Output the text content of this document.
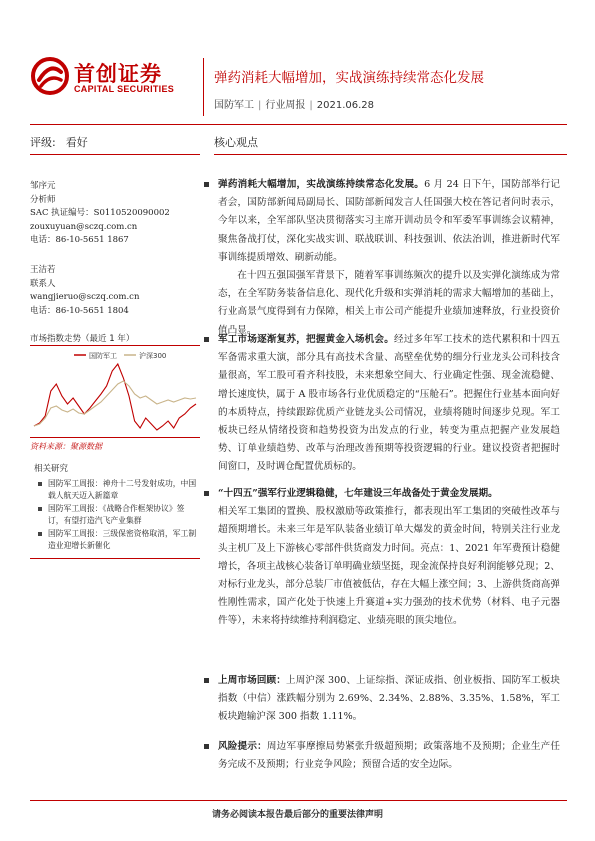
首创证券
CAPITAL SECURITIES
弹药消耗大幅增加，实战演练持续常态化发展
国防军工 | 行业周报 | 2021.06.28
评级: 看好	核心观点
邹序元
分析师
SAC 执证编号：S0110520090002
zouxuyuan@sczq.com.cn
电话：86-10-5651 1867
王洁若
联系人
wangjieruo@sczq.com.cn
电话：86-10-5651 1804
市场指数走势（最近 1 年）
国防军工	沪深300
资料来源：聚源数据
相关研究
国防军工周报：神舟十二号发射成功，中国载人航天迈入新篇章
国防军工周报：《战略合作框架协议》签订，有望打造汽飞产业集群
国防军工周报：三级保密资格取消，军工制造业迎增长新催化

弹药消耗大幅增加，实战演练持续常态化发展。6 月 24 日下午，国防部举行记者会，国防部新闻局副局长、国防部新闻发言人任国强大校在答记者问时表示，今年以来，全军部队坚决贯彻落实习主席开训动员令和军委军事训练会议精神，聚焦备战打仗，深化实战实训、联战联训、科技强训、依法治训，推进新时代军事训练提质增效、刷新动能。

在十四五强国强军背景下，随着军事训练频次的提升以及实弹化演练成为常态，在全军防务装备信息化、现代化升级和实弹消耗的需求大幅增加的基础上，行业高景气度得到有力保障，相关上市公司产能提升业绩加速释放，行业投资价值凸显。

军工市场逐渐复苏，把握黄金入场机会。经过多年军工技术的迭代累积和十四五军备需求重大演，部分具有高技术含量、高壁垒优势的细分行业龙头公司科技含量很高，军工股可看齐科技股，未来想象空间大、行业确定性强、现金流稳健、增长速度快，属于 A 股市场各行业优质稳定的“压舱石”。把握住行业基本面向好的本质特点，持续跟踪优质产业链龙头公司情况，业绩将随时间逐步兑现。军工板块已经从情绪投资和趋势投资为出发点的行业，转变为重点把握产业发展趋势、订单业绩趋势、改革与治理改善预期等投资逻辑的行业。建议投资者把握时间窗口，及时调仓配置优质标的。

“十四五”强军行业逻辑稳健，七年建设三年战备处于黄金发展期。

相关军工集团的置换、股权激励等政策推行，都表现出军工集团的突破性改革与超预期增长。未来三年是军队装备业绩订单大爆发的黄金时间，特别关注行业龙头主机厂及上下游核心零部件供货商发力时间。亮点：1、2021 年军费预计稳健增长，各项主战核心装备订单明确业绩坚挺，现金流保持良好利润能够兑现；2、对标行业龙头，部分总装厂市值被低估，存在大幅上涨空间；3、上游供货商高弹性刚性需求，国产化处于快速上升赛道+实力强劲的技术优势（材料、电子元器件等），未来将持续维持利润稳定、业绩亮眼的顶尖地位。

上周市场回顾：上周沪深 300、上证综指、深证成指、创业板指、国防军工板块指数（中信）涨跌幅分别为 2.69%、2.34%、2.88%、3.35%、1.58%，军工板块跑输沪深 300 指数 1.11%。

风险提示：周边军事摩擦局势紧张升级超预期；政策落地不及预期；企业生产任务完成不及预期；行业竞争风险；预留合适的安全边际。

请务必阅读本报告最后部分的重要法律声明
